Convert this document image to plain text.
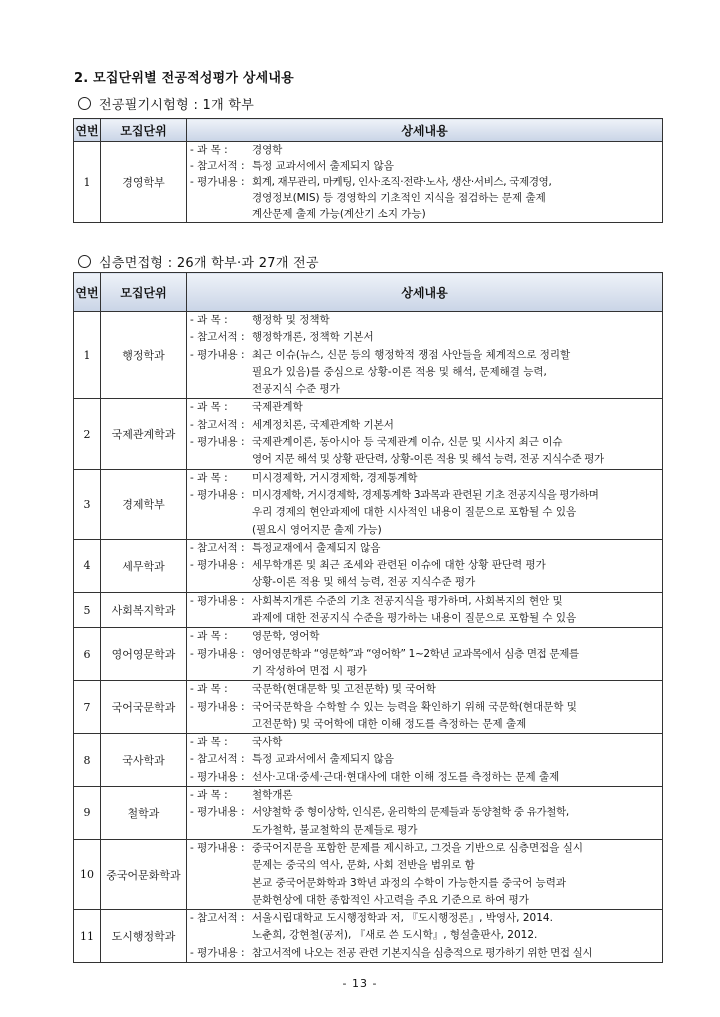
2. 모집단위별 전공적성평가 상세내용
전공필기시험형 : 1개 학부
연번	모집단위	상세내용
1	경영학부	- 과 목 : 경영학
- 참고서적 : 특정 교과서에서 출제되지 않음
- 평가내용 : 회계, 재무관리, 마케팅, 인사·조직·전략·노사, 생산·서비스, 국제경영,
경영정보(MIS) 등 경영학의 기초적인 지식을 점검하는 문제 출제
계산문제 출제 가능(계산기 소지 가능)
심층면접형 : 26개 학부·과 27개 전공
연번	모집단위	상세내용
1	행정학과	- 과 목 : 행정학 및 정책학
- 참고서적 : 행정학개론, 정책학 기본서
- 평가내용 : 최근 이슈(뉴스, 신문 등의 행정학적 쟁점 사안들을 체계적으로 정리할
필요가 있음)를 중심으로 상황-이론 적용 및 해석, 문제해결 능력,
전공지식 수준 평가

2	국제관계학과	- 과 목 : 국제관계학
- 참고서적 : 세계정치론, 국제관계학 기본서
- 평가내용 : 국제관계이론, 동아시아 등 국제관계 이슈, 신문 및 시사지 최근 이슈
영어 지문 해석 및 상황 판단력, 상황-이론 적용 및 해석 능력, 전공 지식수준 평가

3	경제학부	- 과 목 : 미시경제학, 거시경제학, 경제통계학
- 평가내용 : 미시경제학, 거시경제학, 경제통계학 3과목과 관련된 기초 전공지식을 평가하며
우리 경제의 현안과제에 대한 시사적인 내용이 질문으로 포함될 수 있음
(필요시 영어지문 출제 가능)

4	세무학과	- 참고서적 : 특정교재에서 출제되지 않음
- 평가내용 : 세무학개론 및 최근 조세와 관련된 이슈에 대한 상황 판단력 평가
상황-이론 적용 및 해석 능력, 전공 지식수준 평가

5	사회복지학과	- 평가내용 : 사회복지개론 수준의 기초 전공지식을 평가하며, 사회복지의 현안 및
과제에 대한 전공지식 수준을 평가하는 내용이 질문으로 포함될 수 있음

6	영어영문학과	- 과 목 : 영문학, 영어학
- 평가내용 : 영어영문학과 “영문학”과 “영어학” 1~2학년 교과목에서 심층 면접 문제를
기 작성하여 면접 시 평가

7	국어국문학과	- 과 목 : 국문학(현대문학 및 고전문학) 및 국어학
- 평가내용 : 국어국문학을 수학할 수 있는 능력을 확인하기 위해 국문학(현대문학 및
고전문학) 및 국어학에 대한 이해 정도를 측정하는 문제 출제

8	국사학과	- 과 목 : 국사학
- 참고서적 : 특정 교과서에서 출제되지 않음
- 평가내용 : 선사·고대·중세·근대·현대사에 대한 이해 정도를 측정하는 문제 출제

9	철학과	- 과 목 : 철학개론
- 평가내용 : 서양철학 중 형이상학, 인식론, 윤리학의 문제들과 동양철학 중 유가철학,
도가철학, 불교철학의 문제들로 평가

10	중국어문화학과	- 평가내용 : 중국어지문을 포함한 문제를 제시하고, 그것을 기반으로 심층면접을 실시
문제는 중국의 역사, 문화, 사회 전반을 범위로 함
본교 중국어문화학과 3학년 과정의 수학이 가능한지를 중국어 능력과
문화현상에 대한 종합적인 사고력을 주요 기준으로 하여 평가

11	도시행정학과	- 참고서적 : 서울시립대학교 도시행정학과 저, 『도시행정론』, 박영사, 2014.
노춘희, 강현철(공저), 『새로 쓴 도시학』, 형설출판사, 2012.
- 평가내용 : 참고서적에 나오는 전공 관련 기본지식을 심층적으로 평가하기 위한 면접 실시
- 13 -
